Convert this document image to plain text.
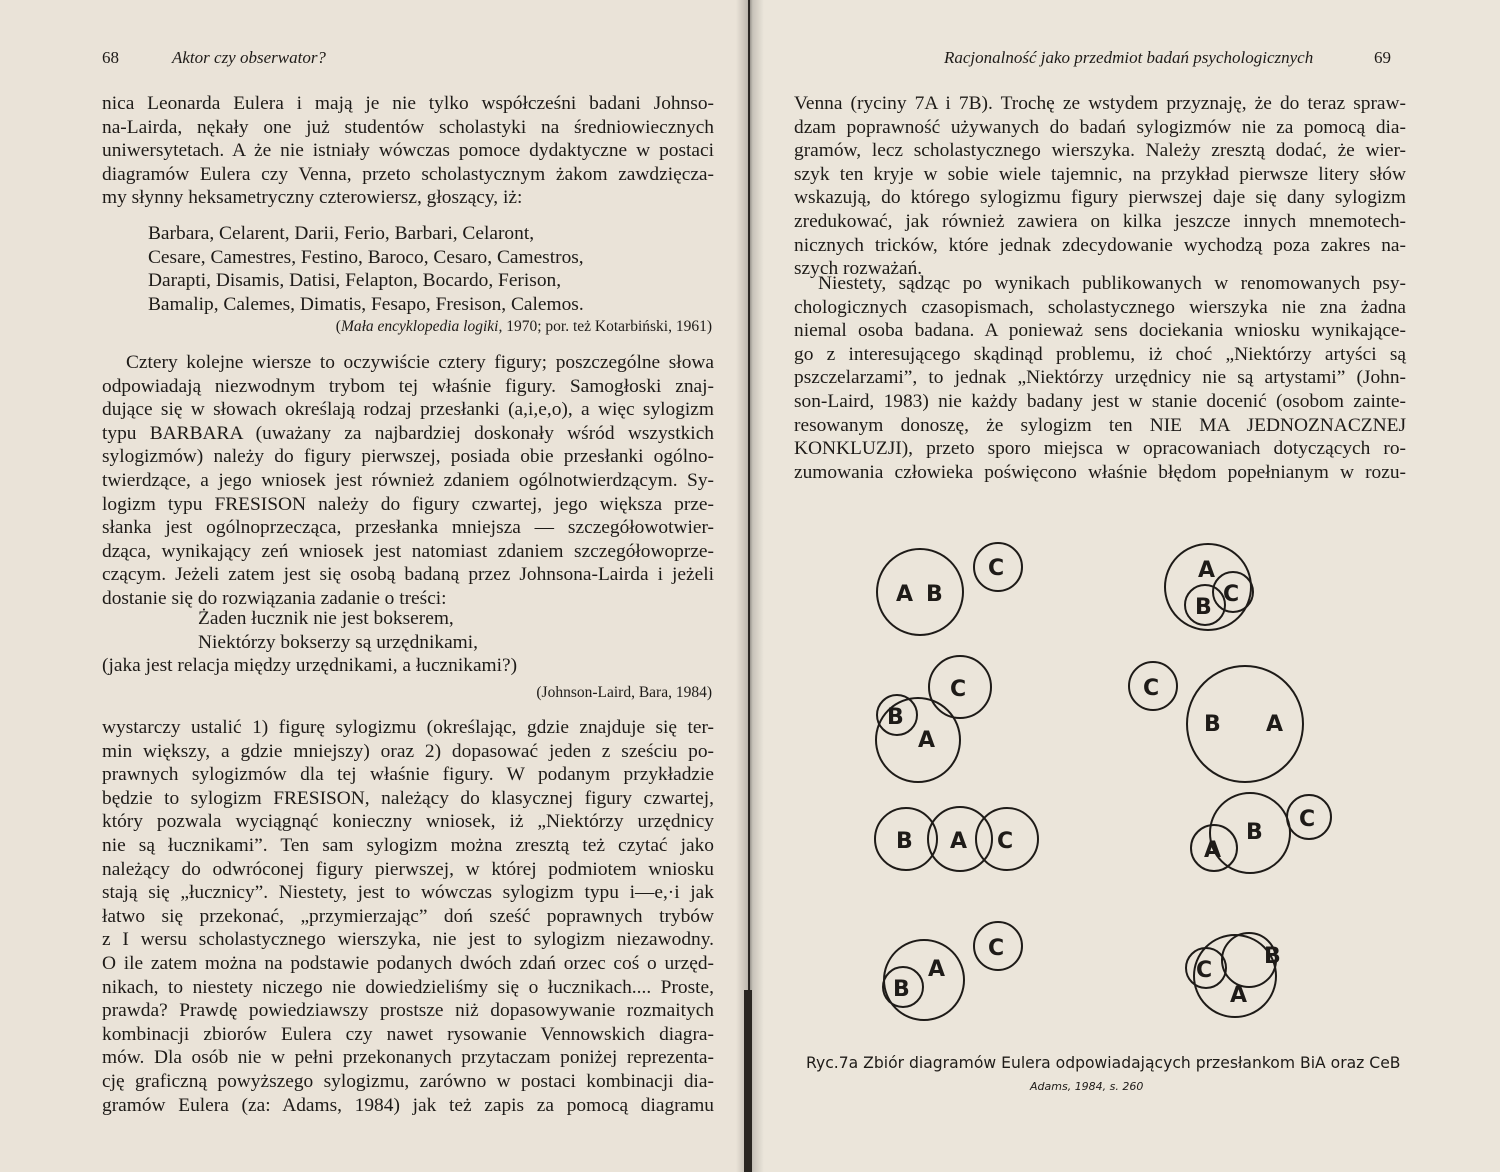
68	Aktor czy obserwator?
nica Leonarda Eulera i mają je nie tylko współcześni badani Johnso-
na-Lairda, nękały one już studentów scholastyki na średniowiecznych
uniwersytetach. A że nie istniały wówczas pomoce dydaktyczne w postaci
diagramów Eulera czy Venna, przeto scholastycznym żakom zawdzięcza-
my słynny heksametryczny czterowiersz, głoszący, iż:
Barbara, Celarent, Darii, Ferio, Barbari, Celaront,
Cesare, Camestres, Festino, Baroco, Cesaro, Camestros,
Darapti, Disamis, Datisi, Felapton, Bocardo, Ferison,
Bamalip, Calemes, Dimatis, Fesapo, Fresison, Calemos.
(Mała encyklopedia logiki, 1970; por. też Kotarbiński, 1961)
Cztery kolejne wiersze to oczywiście cztery figury; poszczególne słowa
odpowiadają niezwodnym trybom tej właśnie figury. Samogłoski znaj-
dujące się w słowach określają rodzaj przesłanki (a,i,e,o), a więc sylogizm
typu BARBARA (uważany za najbardziej doskonały wśród wszystkich
sylogizmów) należy do figury pierwszej, posiada obie przesłanki ogólno-
twierdzące, a jego wniosek jest również zdaniem ogólnotwierdzącym. Sy-
logizm typu FRESISON należy do figury czwartej, jego większa prze-
słanka jest ogólnoprzecząca, przesłanka mniejsza — szczegółowotwier-
dząca, wynikający zeń wniosek jest natomiast zdaniem szczegółowoprze-
czącym. Jeżeli zatem jest się osobą badaną przez Johnsona-Lairda i jeżeli
dostanie się do rozwiązania zadanie o treści:
Żaden łucznik nie jest bokserem,
Niektórzy bokserzy są urzędnikami,
(jaka jest relacja między urzędnikami, a łucznikami?)
(Johnson-Laird, Bara, 1984)
wystarczy ustalić 1) figurę sylogizmu (określając, gdzie znajduje się ter-
min większy, a gdzie mniejszy) oraz 2) dopasować jeden z sześciu po-
prawnych sylogizmów dla tej właśnie figury. W podanym przykładzie
będzie to sylogizm FRESISON, należący do klasycznej figury czwartej,
który pozwala wyciągnąć konieczny wniosek, iż „Niektórzy urzędnicy
nie są łucznikami”. Ten sam sylogizm można zresztą też czytać jako
należący do odwróconej figury pierwszej, w której podmiotem wniosku
stają się „łucznicy”. Niestety, jest to wówczas sylogizm typu i—e,·i jak
łatwo się przekonać, „przymierzając” doń sześć poprawnych trybów
z I wersu scholastycznego wierszyka, nie jest to sylogizm niezawodny.
O ile zatem można na podstawie podanych dwóch zdań orzec coś o urzęd-
nikach, to niestety niczego nie dowiedzieliśmy się o łucznikach.... Proste,
prawda? Prawdę powiedziawszy prostsze niż dopasowywanie rozmaitych
kombinacji zbiorów Eulera czy nawet rysowanie Vennowskich diagra-
mów. Dla osób nie w pełni przekonanych przytaczam poniżej reprezenta-
cję graficzną powyższego sylogizmu, zarówno w postaci kombinacji dia-
gramów Eulera (za: Adams, 1984) jak też zapis za pomocą diagramu
Racjonalność jako przedmiot badań psychologicznych	69
Venna (ryciny 7A i 7B). Trochę ze wstydem przyznaję, że do teraz spraw-
dzam poprawność używanych do badań sylogizmów nie za pomocą dia-
gramów, lecz scholastycznego wierszyka. Należy zresztą dodać, że wier-
szyk ten kryje w sobie wiele tajemnic, na przykład pierwsze litery słów
wskazują, do którego sylogizmu figury pierwszej daje się dany sylogizm
zredukować, jak również zawiera on kilka jeszcze innych mnemotech-
nicznych tricków, które jednak zdecydowanie wychodzą poza zakres na-
szych rozważań.
Niestety, sądząc po wynikach publikowanych w renomowanych psy-
chologicznych czasopismach, scholastycznego wierszyka nie zna żadna
niemal osoba badana. A ponieważ sens dociekania wniosku wynikające-
go z interesującego skądinąd problemu, iż choć „Niektórzy artyści są
pszczelarzami”, to jednak „Niektórzy urzędnicy nie są artystami” (John-
son-Laird, 1983) nie każdy badany jest w stanie docenić (osobom zainte-
resowanym donoszę, że sylogizm ten NIE MA JEDNOZNACZNEJ
KONKLUZJI), przeto sporo miejsca w opracowaniach dotyczących ro-
zumowania człowieka poświęcono właśnie błędom popełnianym w rozu-
A B
C	A
B
C
B
A
C	C
B A
B A C	A
B
C
B
A
C
C
B
A
Ryc.7a Zbiór diagramów Eulera odpowiadających przesłankom BiA oraz CeB
Adams, 1984, s. 260
